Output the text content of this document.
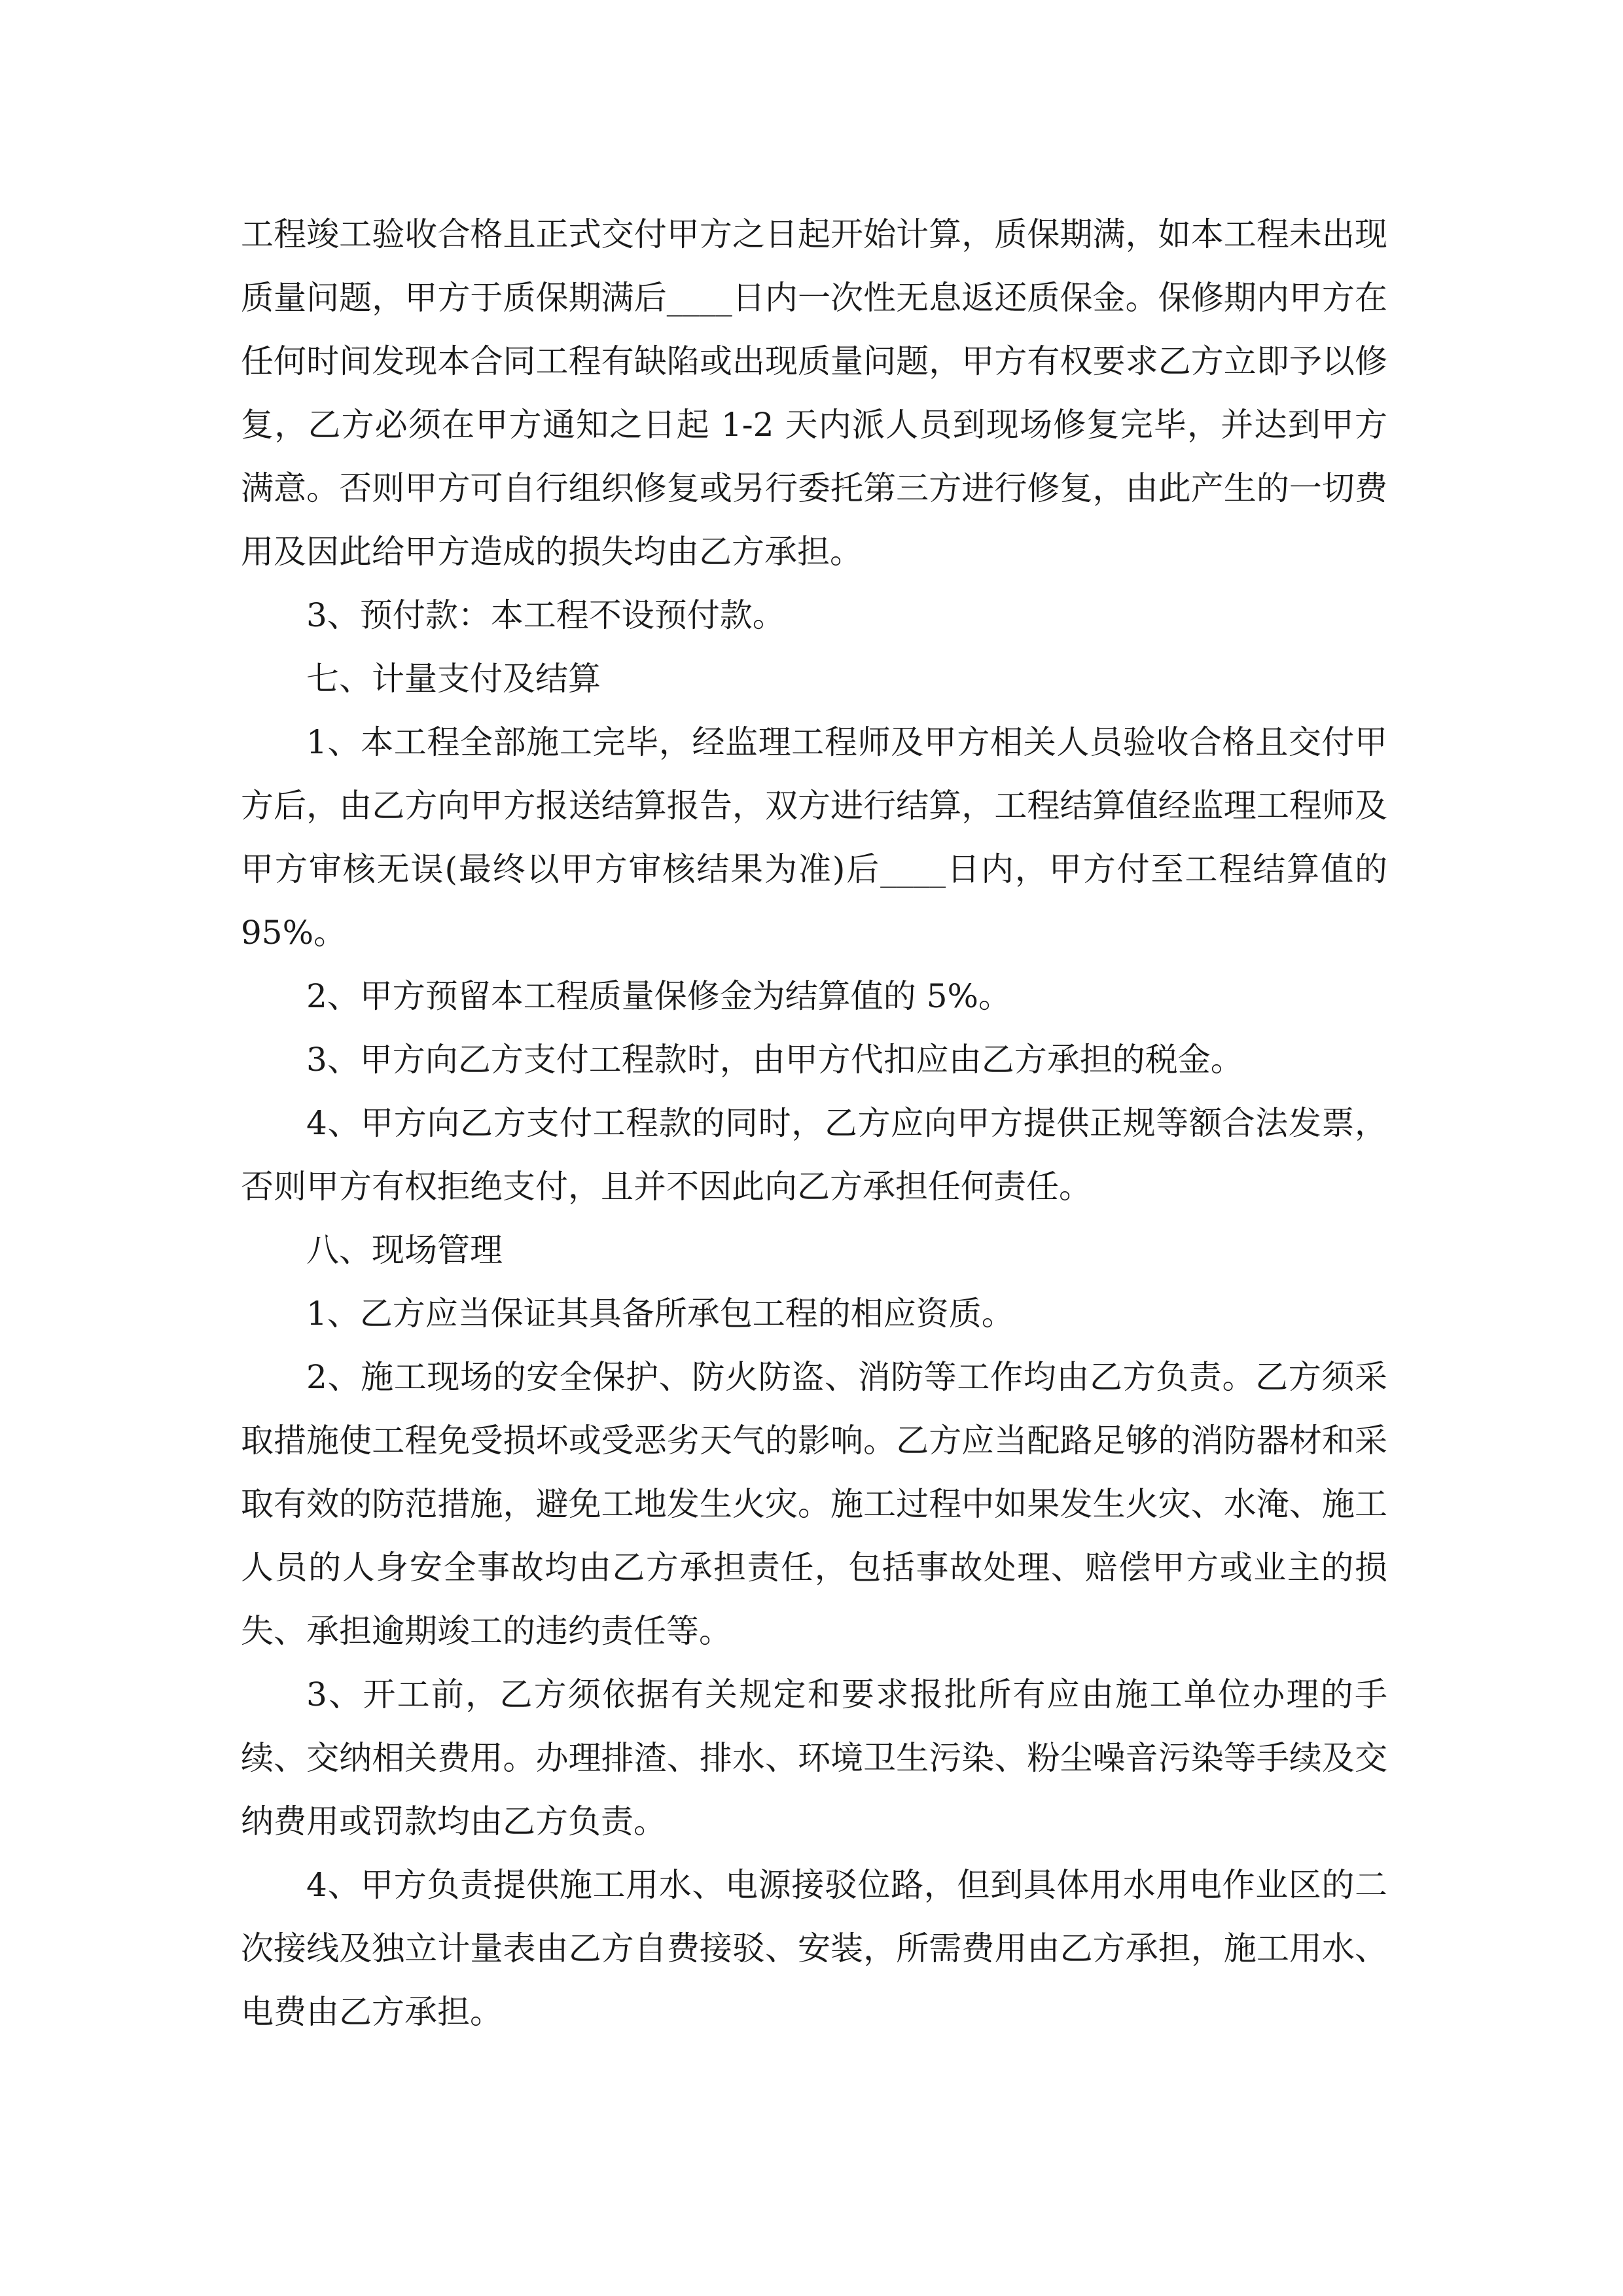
工程竣工验收合格且正式交付甲方之日起开始计算，质保期满，如本工程未出现质量问题，甲方于质保期满后____日内一次性无息返还质保金。保修期内甲方在任何时间发现本合同工程有缺陷或出现质量问题，甲方有权要求乙方立即予以修复，乙方必须在甲方通知之日起 1-2 天内派人员到现场修复完毕，并达到甲方满意。否则甲方可自行组织修复或另行委托第三方进行修复，由此产生的一切费用及因此给甲方造成的损失均由乙方承担。

3、预付款：本工程不设预付款。

七、计量支付及结算

1、本工程全部施工完毕，经监理工程师及甲方相关人员验收合格且交付甲方后，由乙方向甲方报送结算报告，双方进行结算，工程结算值经监理工程师及甲方审核无误(最终以甲方审核结果为准)后____日内，甲方付至工程结算值的95%。

2、甲方预留本工程质量保修金为结算值的 5%。

3、甲方向乙方支付工程款时，由甲方代扣应由乙方承担的税金。

4、甲方向乙方支付工程款的同时，乙方应向甲方提供正规等额合法发票，否则甲方有权拒绝支付，且并不因此向乙方承担任何责任。

八、现场管理

1、乙方应当保证其具备所承包工程的相应资质。

2、施工现场的安全保护、防火防盗、消防等工作均由乙方负责。乙方须采取措施使工程免受损坏或受恶劣天气的影响。乙方应当配路足够的消防器材和采取有效的防范措施，避免工地发生火灾。施工过程中如果发生火灾、水淹、施工人员的人身安全事故均由乙方承担责任，包括事故处理、赔偿甲方或业主的损失、承担逾期竣工的违约责任等。

3、开工前，乙方须依据有关规定和要求报批所有应由施工单位办理的手续、交纳相关费用。办理排渣、排水、环境卫生污染、粉尘噪音污染等手续及交纳费用或罚款均由乙方负责。

4、甲方负责提供施工用水、电源接驳位路，但到具体用水用电作业区的二次接线及独立计量表由乙方自费接驳、安装，所需费用由乙方承担，施工用水、电费由乙方承担。
